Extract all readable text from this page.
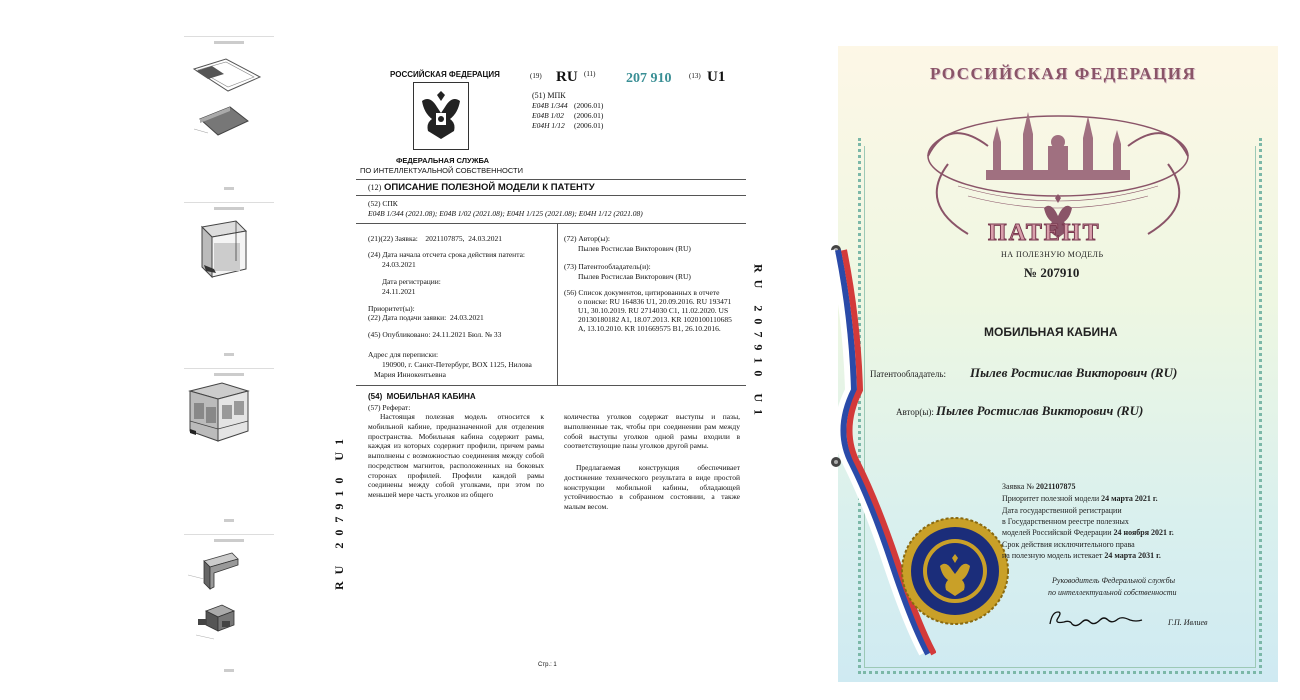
РОССИЙСКАЯ ФЕДЕРАЦИЯ
ФЕДЕРАЛЬНАЯ СЛУЖБА
ПО ИНТЕЛЛЕКТУАЛЬНОЙ СОБСТВЕННОСТИ
(19) RU (11) 207 910	(13) U1
(51) МПК
E04B 1/344 (2006.01)
E04B 1/02 (2006.01)
E04H 1/12 (2006.01)
(12) ОПИСАНИЕ ПОЛЕЗНОЙ МОДЕЛИ К ПАТЕНТУ
(52) СПК
E04B 1/344 (2021.08); E04B 1/02 (2021.08); E04H 1/125 (2021.08); E04H 1/12 (2021.08)
(21)(22) Заявка:    2021107875,  24.03.2021
(24) Дата начала отсчета срока действия патента:
24.03.2021
Дата регистрации:
24.11.2021
Приоритет(ы):
(22) Дата подачи заявки:  24.03.2021
(45) Опубликовано: 24.11.2021 Бюл. № 33
Адрес для переписки:
190900, г. Санкт-Петербург, BOX 1125, Нилова
Мария Иннокентьевна
(72) Автор(ы):
Пылев Ростислав Викторович (RU)
(73) Патентообладатель(и):
Пылев Ростислав Викторович (RU)
(56) Список документов, цитированных в отчете
о поиске: RU 164836 U1, 20.09.2016. RU 193471
U1, 30.10.2019. RU 2714030 C1, 11.02.2020. US
20130180182 A1, 18.07.2013. KR 1020100110685
A, 13.10.2010. KR 101669575 B1, 26.10.2016.
(54)  МОБИЛЬНАЯ КАБИНА
(57) Реферат:
Настоящая полезная модель относится к мобильной кабине, предназначенной для отделения пространства. Мобильная кабина содержит рамы, каждая из которых содержит профили, причем рамы выполнены с возможностью соединения между собой посредством магнитов, расположенных на боковых сторонах профилей. Профили каждой рамы соединены между собой уголками, при этом по меньшей мере часть уголков из общего
количества уголков содержат выступы и пазы, выполненные так, чтобы при соединении рам между собой выступы уголков одной рамы входили в соответствующие пазы уголков другой рамы.
Предлагаемая конструкция обеспечивает достижение технического результата в виде простой конструкции мобильной кабины, обладающей устойчивостью в собранном состоянии, а также малым весом.
RU 207910 U1
RU 207910 U1
Стр.: 1
РОССИЙСКАЯ ФЕДЕРАЦИЯ
ПАТЕНТ
НА ПОЛЕЗНУЮ МОДЕЛЬ
№ 207910
МОБИЛЬНАЯ КАБИНА
Патентообладатель: Пылев Ростислав Викторович (RU)
Автор(ы): Пылев Ростислав Викторович (RU)
Заявка № 2021107875
Приоритет полезной модели 24 марта 2021 г.
Дата государственной регистрации
в Государственном реестре полезных
моделей Российской Федерации 24 ноября 2021 г.
Срок действия исключительного права
на полезную модель истекает 24 марта 2031 г.
Руководитель Федеральной службы
по интеллектуальной собственности
Г.П. Ивлиев
